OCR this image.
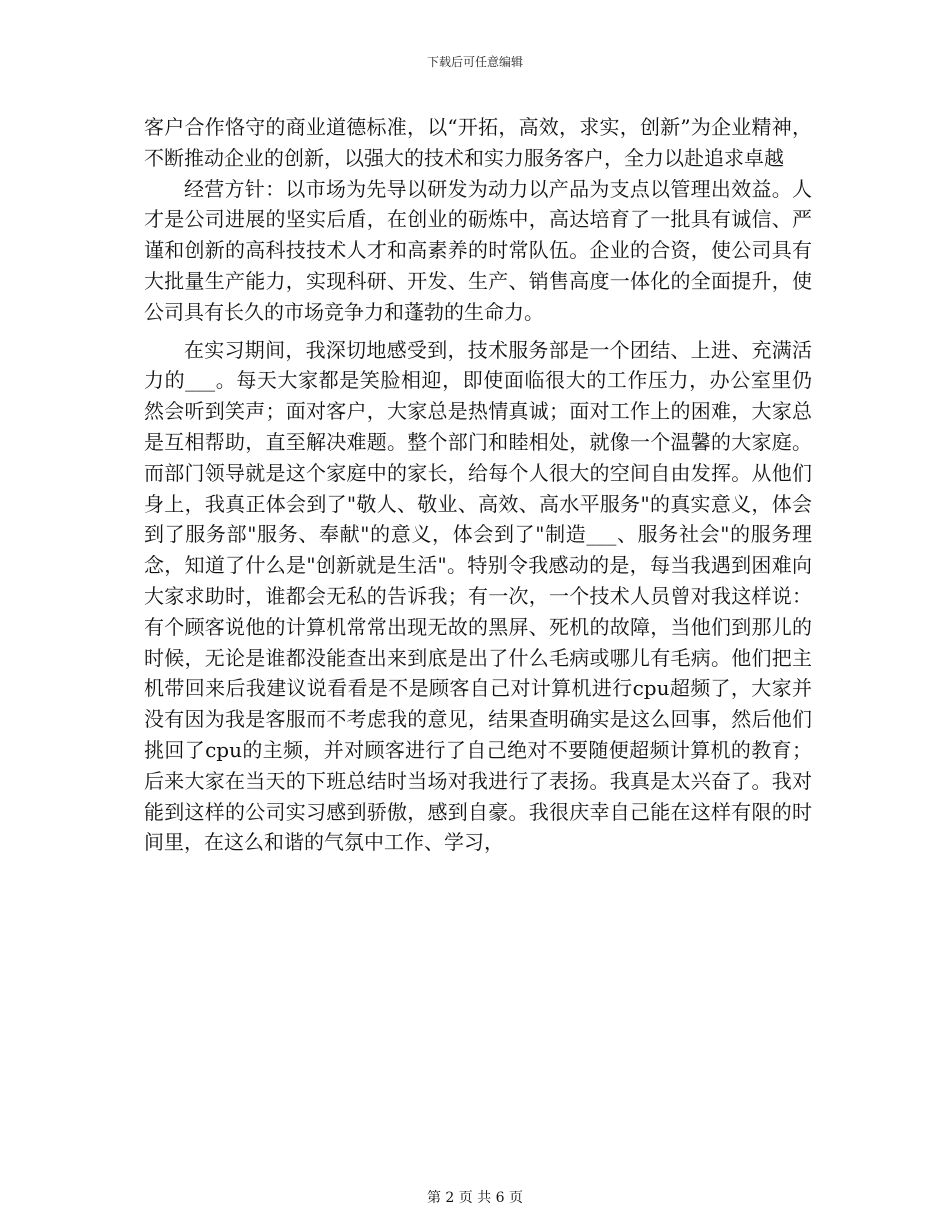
下载后可任意编辑

客户合作恪守的商业道德标准，以“开拓，高效，求实，创新”为企业精神，不断推动企业的创新，以强大的技术和实力服务客户，全力以赴追求卓越

经营方针：以市场为先导以研发为动力以产品为支点以管理出效益。人才是公司进展的坚实后盾，在创业的砺炼中，高达培育了一批具有诚信、严谨和创新的高科技技术人才和高素养的时常队伍。企业的合资，使公司具有大批量生产能力，实现科研、开发、生产、销售高度一体化的全面提升，使公司具有长久的市场竞争力和蓬勃的生命力。

在实习期间，我深切地感受到，技术服务部是一个团结、上进、充满活力的___。每天大家都是笑脸相迎，即使面临很大的工作压力，办公室里仍然会听到笑声；面对客户，大家总是热情真诚；面对工作上的困难，大家总是互相帮助，直至解决难题。整个部门和睦相处，就像一个温馨的大家庭。而部门领导就是这个家庭中的家长，给每个人很大的空间自由发挥。从他们身上，我真正体会到了"敬人、敬业、高效、高水平服务"的真实意义，体会到了服务部"服务、奉献"的意义，体会到了"制造___、服务社会"的服务理念，知道了什么是"创新就是生活"。特别令我感动的是，每当我遇到困难向大家求助时，谁都会无私的告诉我；有一次，一个技术人员曾对我这样说：有个顾客说他的计算机常常出现无故的黑屏、死机的故障，当他们到那儿的时候，无论是谁都没能查出来到底是出了什么毛病或哪儿有毛病。他们把主机带回来后我建议说看看是不是顾客自己对计算机进行cpu超频了，大家并没有因为我是客服而不考虑我的意见，结果查明确实是这么回事，然后他们挑回了cpu的主频，并对顾客进行了自己绝对不要随便超频计算机的教育；后来大家在当天的下班总结时当场对我进行了表扬。我真是太兴奋了。我对能到这样的公司实习感到骄傲，感到自豪。我很庆幸自己能在这样有限的时间里，在这么和谐的气氛中工作、学习，

第 2 页 共 6 页
